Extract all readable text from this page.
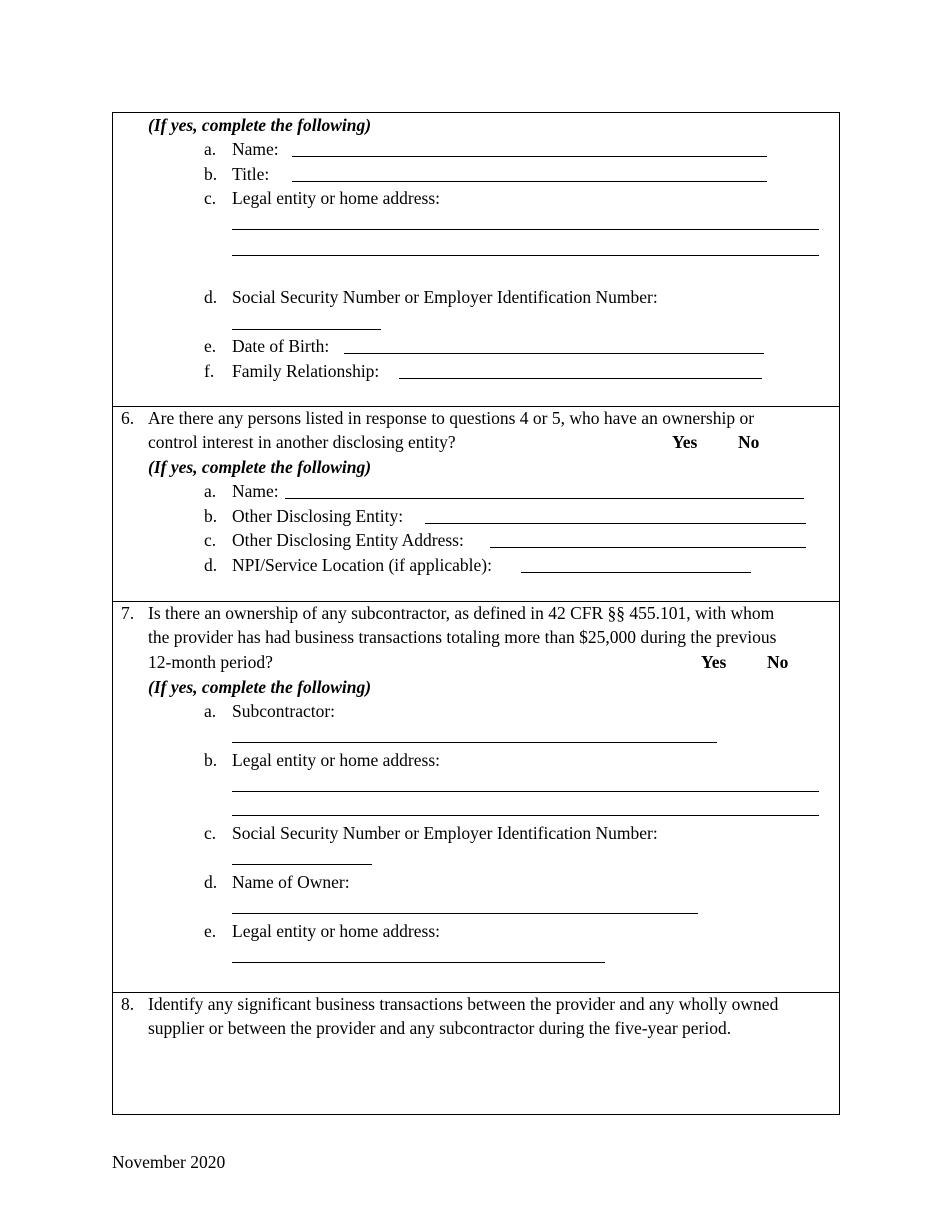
(If yes, complete the following)
a. Name:
b. Title:
c. Legal entity or home address:
d. Social Security Number or Employer Identification Number:
e. Date of Birth:
f. Family Relationship:
6. Are there any persons listed in response to questions 4 or 5, who have an ownership or
control interest in another disclosing entity?	Yes No
(If yes, complete the following)
a. Name:
b. Other Disclosing Entity:
c. Other Disclosing Entity Address:
d. NPI/Service Location (if applicable):
7. Is there an ownership of any subcontractor, as defined in 42 CFR §§ 455.101, with whom
the provider has had business transactions totaling more than $25,000 during the previous
12-month period?	Yes No
(If yes, complete the following)
a. Subcontractor:
b. Legal entity or home address:
c. Social Security Number or Employer Identification Number:
d. Name of Owner:
e. Legal entity or home address:
8. Identify any significant business transactions between the provider and any wholly owned
supplier or between the provider and any subcontractor during the five-year period.
November 2020
